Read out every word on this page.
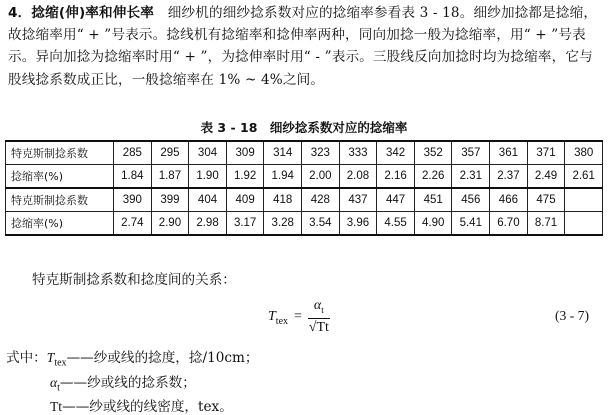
4．捻缩(伸)率和伸长率　细纱机的细纱捻系数对应的捻缩率参看表 3 - 18。细纱加捻都是捻缩，故捻缩率用“ + ”号表示。捻线机有捻缩率和捻伸率两种，同向加捻一般为捻缩率，用“ + ”号表示。异向加捻为捻缩率时用“ + ”，为捻伸率时用“ - ”表示。三股线反向加捻时均为捻缩率，它与股线捻系数成正比，一般捻缩率在 1% ~ 4%之间。
表 3 - 18　细纱捻系数对应的捻缩率
特克斯制捻系数	285	295	304	309	314	323	333	342	352	357	361	371	380
捻缩率(%)	1.84	1.87	1.90	1.92	1.94	2.00	2.08	2.16	2.26	2.31	2.37	2.49	2.61
特克斯制捻系数	390	399	404	409	418	428	437	447	451	456	466	475	
捻缩率(%)	2.74	2.90	2.98	3.17	3.28	3.54	3.96	4.55	4.90	5.41	6.70	8.71	
特克斯制捻系数和捻度间的关系：
$T_{tex} = \frac{\alpha_t}{√Tt}$	(3 - 7)
式中：$T_{tex}——$纱或线的捻度，捻/10cm；
$\alpha_t——$纱或线的捻系数；
Tt——纱或线的线密度，tex。
